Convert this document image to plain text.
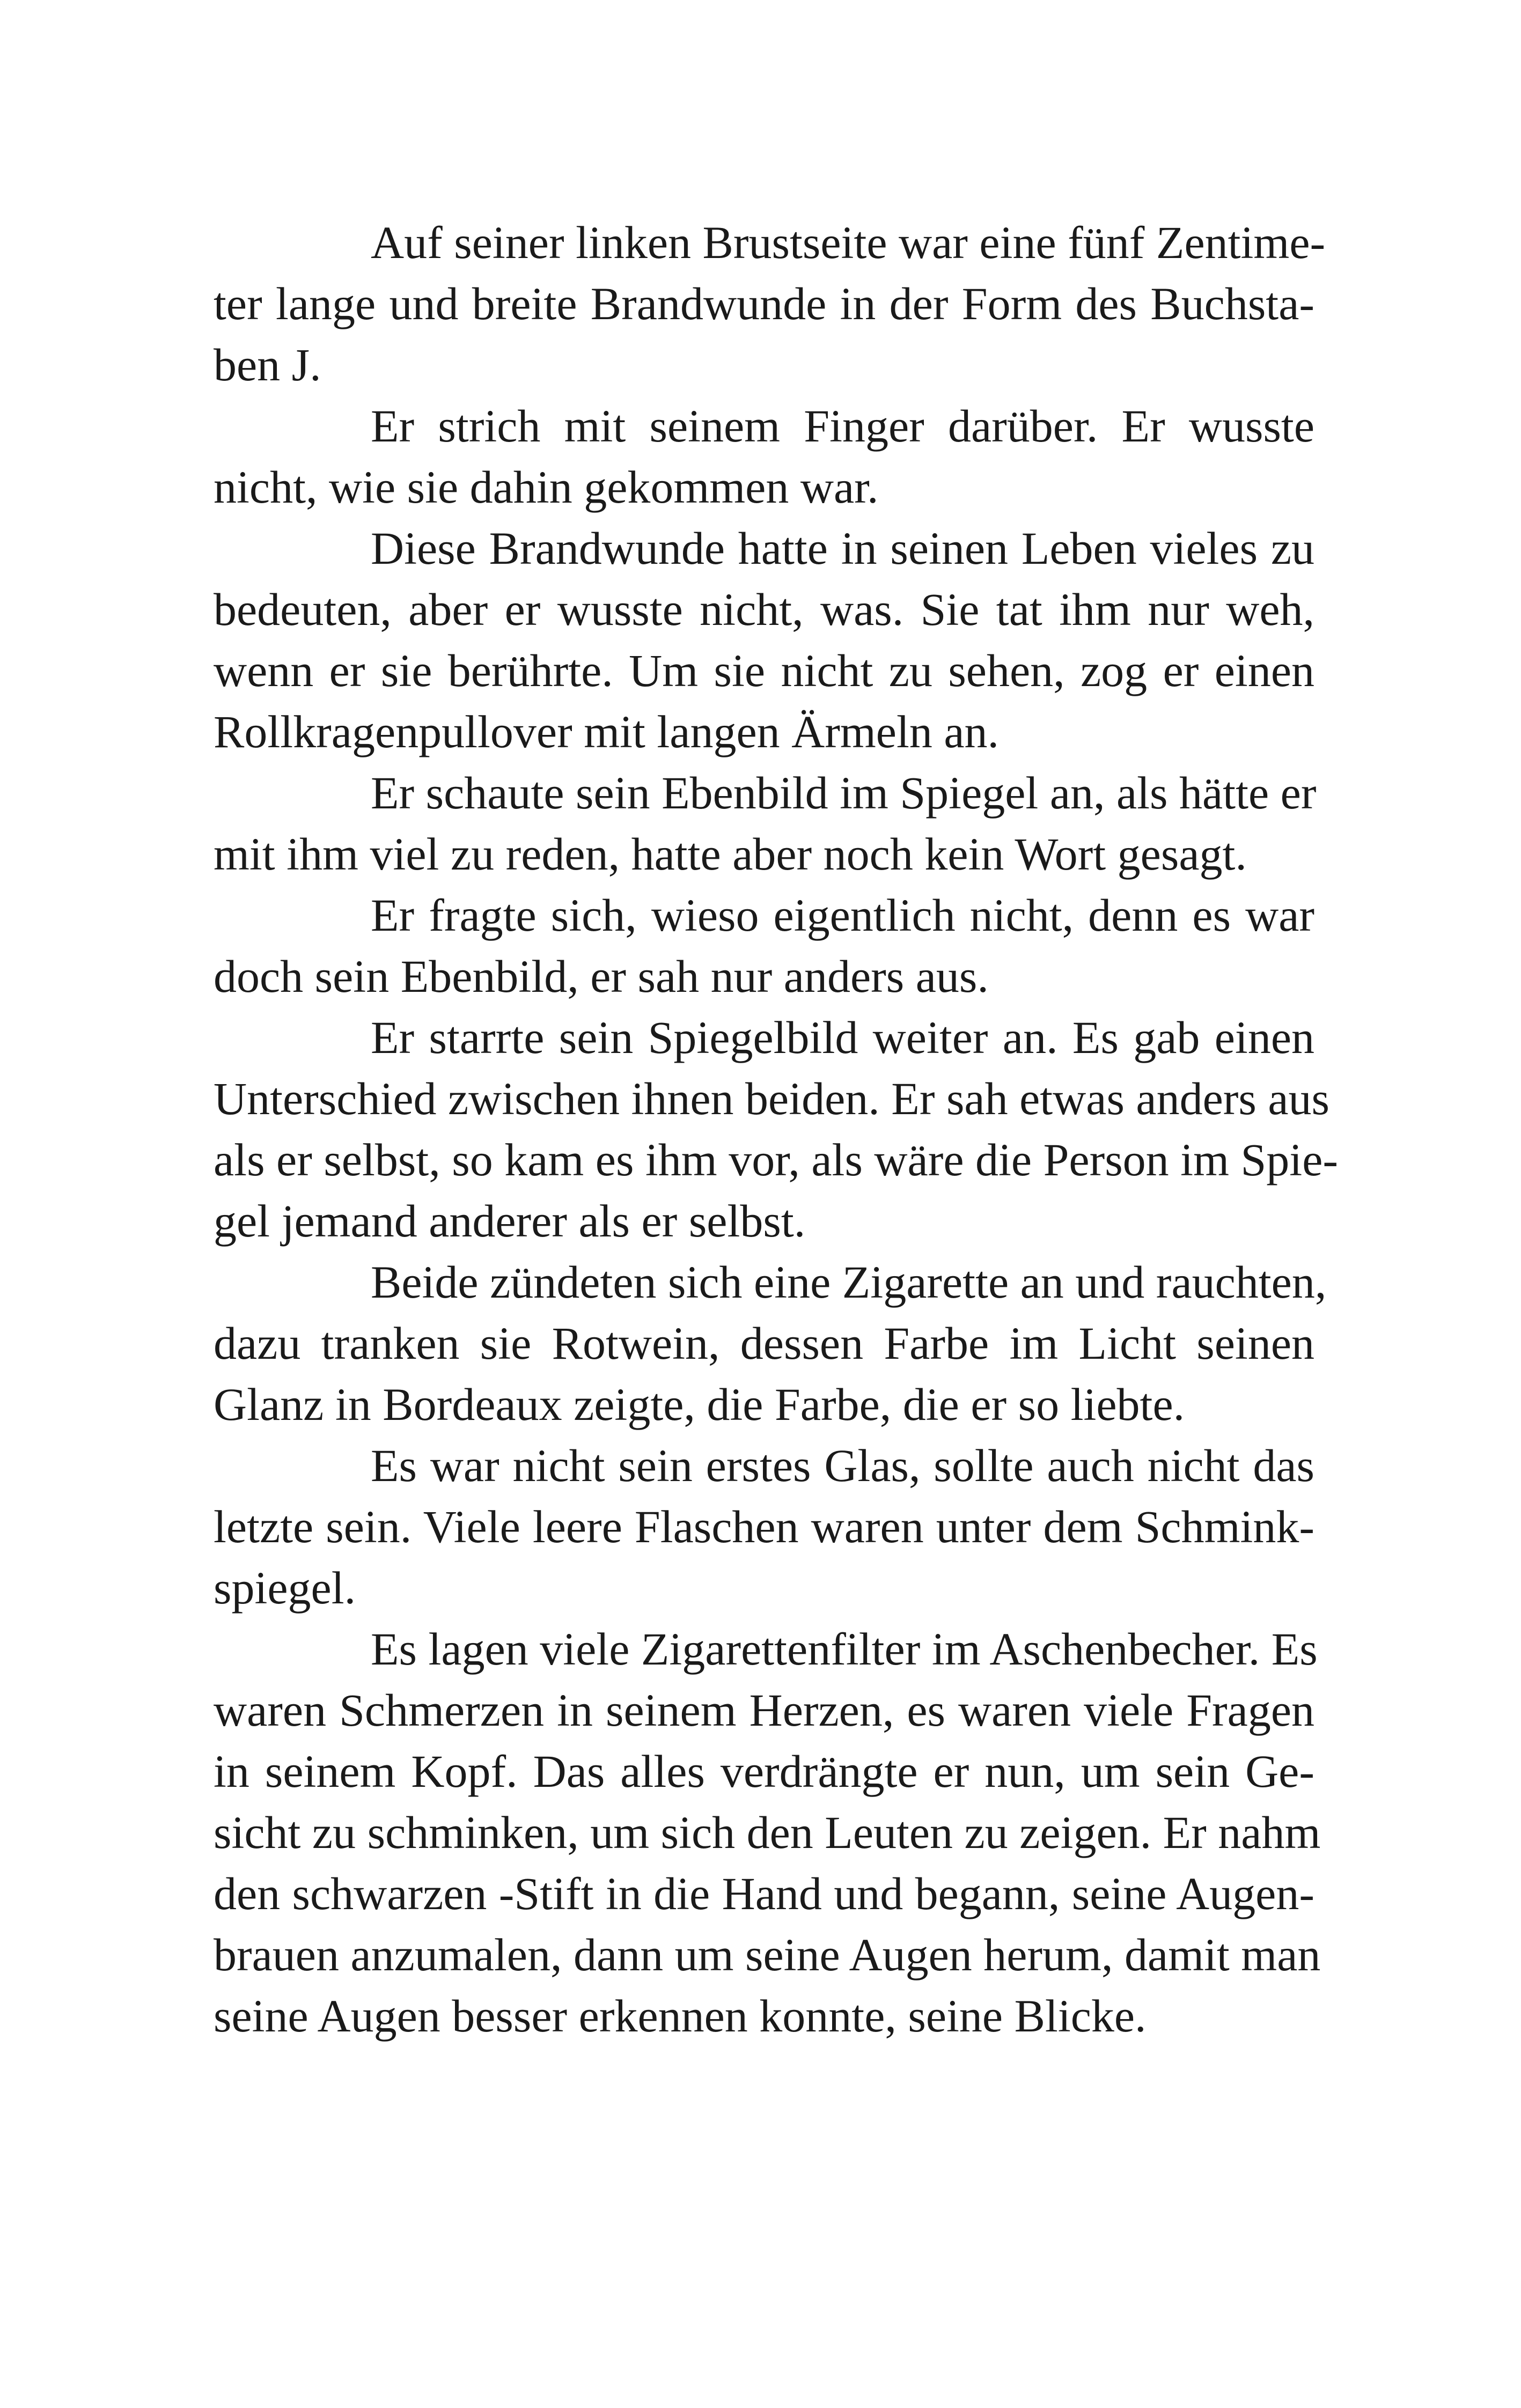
Auf seiner linken Brustseite war eine fünf Zentime-
ter lange und breite Brandwunde in der Form des Buchsta-
ben J.
Er strich mit seinem Finger darüber. Er wusste
nicht, wie sie dahin gekommen war.
Diese Brandwunde hatte in seinen Leben vieles zu
bedeuten, aber er wusste nicht, was. Sie tat ihm nur weh,
wenn er sie berührte. Um sie nicht zu sehen, zog er einen
Rollkragenpullover mit langen Ärmeln an.
Er schaute sein Ebenbild im Spiegel an, als hätte er
mit ihm viel zu reden, hatte aber noch kein Wort gesagt.
Er fragte sich, wieso eigentlich nicht, denn es war
doch sein Ebenbild, er sah nur anders aus.
Er starrte sein Spiegelbild weiter an. Es gab einen
Unterschied zwischen ihnen beiden. Er sah etwas anders aus
als er selbst, so kam es ihm vor, als wäre die Person im Spie-
gel jemand anderer als er selbst.
Beide zündeten sich eine Zigarette an und rauchten,
dazu tranken sie Rotwein, dessen Farbe im Licht seinen
Glanz in Bordeaux zeigte, die Farbe, die er so liebte.
Es war nicht sein erstes Glas, sollte auch nicht das
letzte sein. Viele leere Flaschen waren unter dem Schmink-
spiegel.
Es lagen viele Zigarettenfilter im Aschenbecher. Es
waren Schmerzen in seinem Herzen, es waren viele Fragen
in seinem Kopf. Das alles verdrängte er nun, um sein Ge-
sicht zu schminken, um sich den Leuten zu zeigen. Er nahm
den schwarzen -Stift in die Hand und begann, seine Augen-
brauen anzumalen, dann um seine Augen herum, damit man
seine Augen besser erkennen konnte, seine Blicke.
